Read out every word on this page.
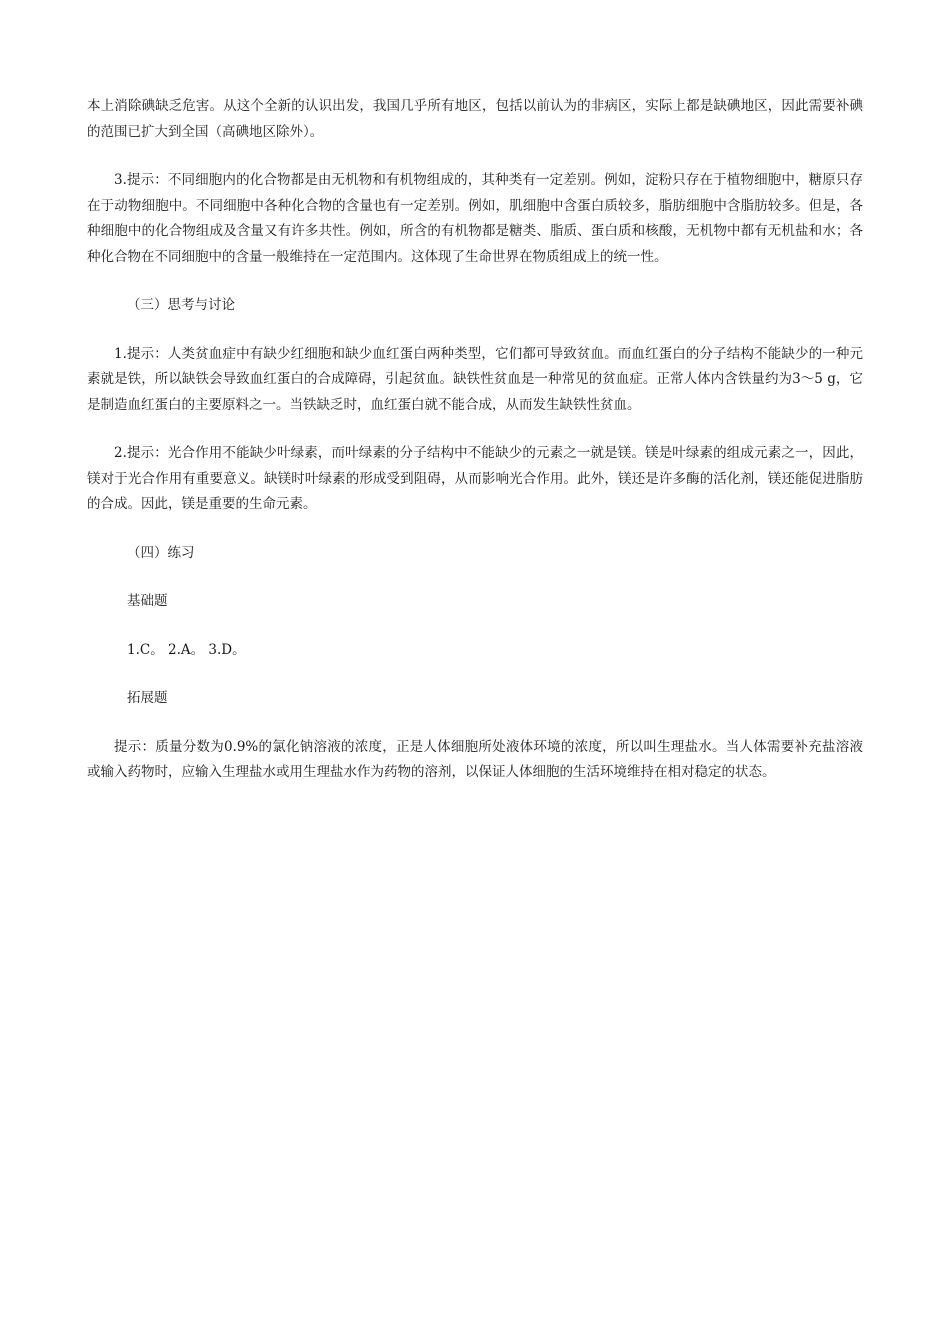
本上消除碘缺乏危害。从这个全新的认识出发，我国几乎所有地区，包括以前认为的非病区，实际上都是缺碘地区，因此需要补碘的范围已扩大到全国（高碘地区除外）。

3.提示：不同细胞内的化合物都是由无机物和有机物组成的，其种类有一定差别。例如，淀粉只存在于植物细胞中，糖原只存在于动物细胞中。不同细胞中各种化合物的含量也有一定差别。例如，肌细胞中含蛋白质较多，脂肪细胞中含脂肪较多。但是，各种细胞中的化合物组成及含量又有许多共性。例如，所含的有机物都是糖类、脂质、蛋白质和核酸，无机物中都有无机盐和水；各种化合物在不同细胞中的含量一般维持在一定范围内。这体现了生命世界在物质组成上的统一性。

（三）思考与讨论

1.提示：人类贫血症中有缺少红细胞和缺少血红蛋白两种类型，它们都可导致贫血。而血红蛋白的分子结构不能缺少的一种元素就是铁，所以缺铁会导致血红蛋白的合成障碍，引起贫血。缺铁性贫血是一种常见的贫血症。正常人体内含铁量约为3～5 g，它是制造血红蛋白的主要原料之一。当铁缺乏时，血红蛋白就不能合成，从而发生缺铁性贫血。

2.提示：光合作用不能缺少叶绿素，而叶绿素的分子结构中不能缺少的元素之一就是镁。镁是叶绿素的组成元素之一，因此，镁对于光合作用有重要意义。缺镁时叶绿素的形成受到阻碍，从而影响光合作用。此外，镁还是许多酶的活化剂，镁还能促进脂肪的合成。因此，镁是重要的生命元素。

（四）练习

基础题

1.C。 2.A。 3.D。

拓展题

提示：质量分数为0.9%的氯化钠溶液的浓度，正是人体细胞所处液体环境的浓度，所以叫生理盐水。当人体需要补充盐溶液或输入药物时，应输入生理盐水或用生理盐水作为药物的溶剂，以保证人体细胞的生活环境维持在相对稳定的状态。
